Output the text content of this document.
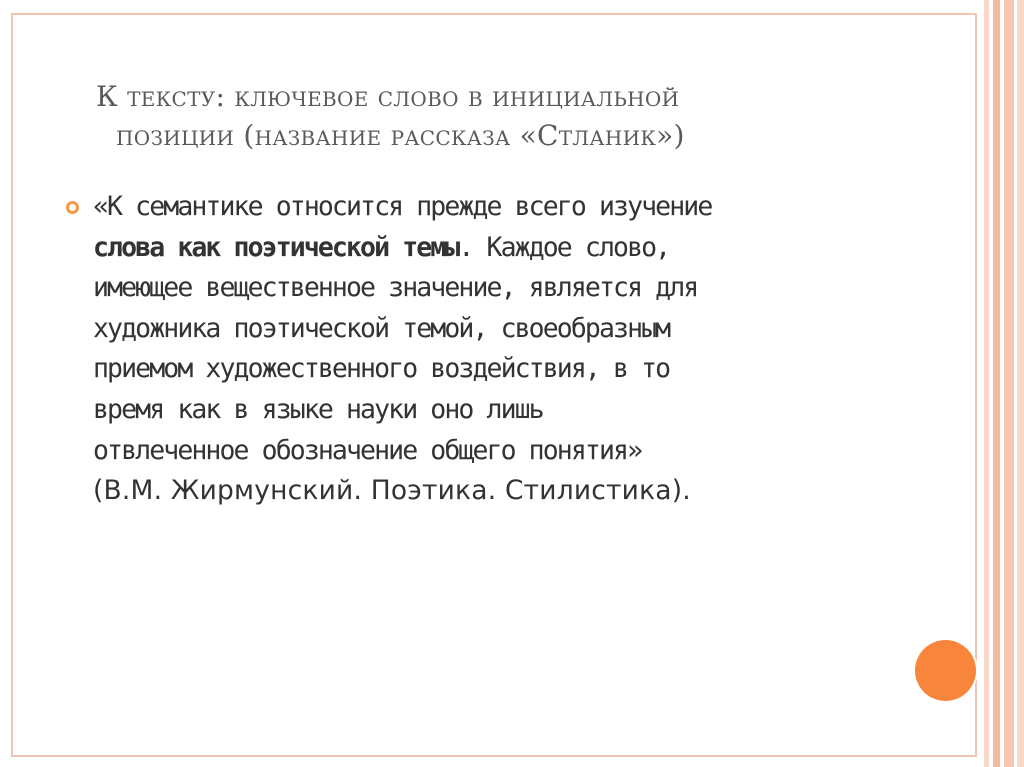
К тексту: ключевое слово в инициальной
позиции (название рассказа «Стланик»)
«К семантике относится прежде всего изучение
слова как поэтической темы. Каждое слово,
имеющее вещественное значение, является для
художника поэтической темой, своеобразным
приемом художественного воздействия, в то
время как в языке науки оно лишь
отвлеченное обозначение общего понятия»
(В.М. Жирмунский. Поэтика. Стилистика).
